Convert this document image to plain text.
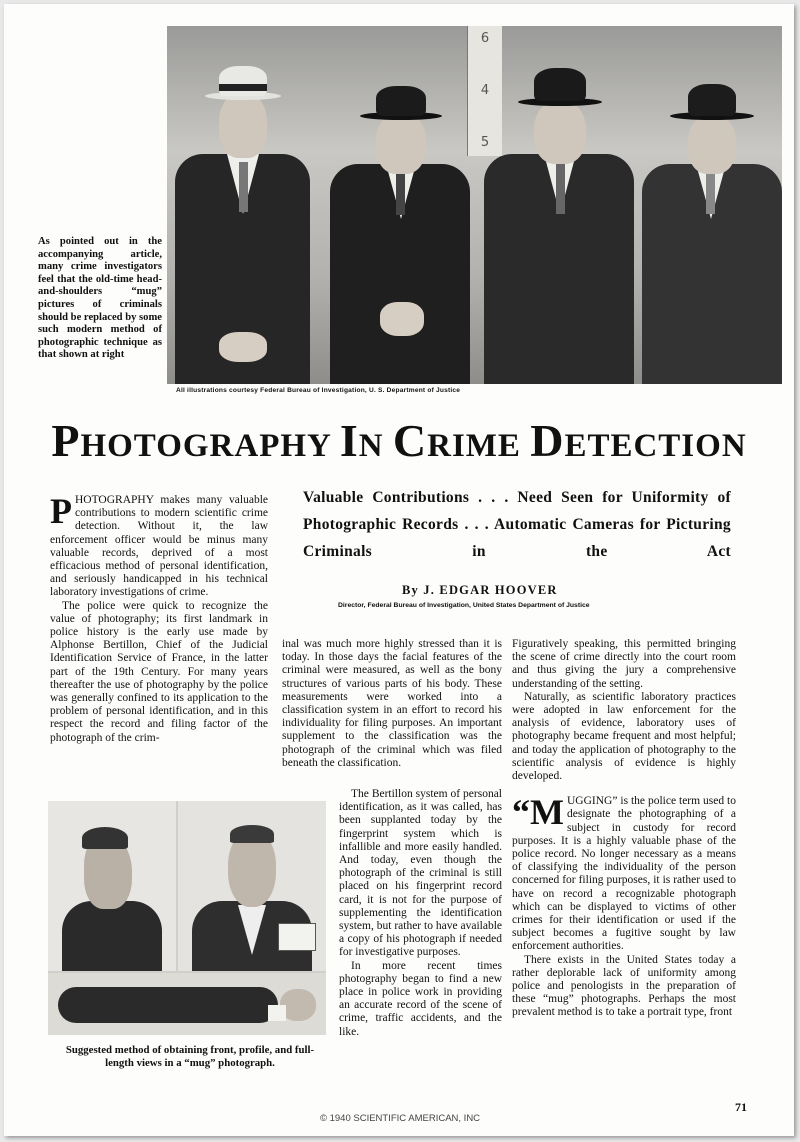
6
4
5
As pointed out in the accompanying article, many crime investigators feel that the old-time head-and-shoulders “mug” pictures of criminals should be replaced by some such modern method of photographic technique as that shown at right
All illustrations courtesy Federal Bureau of Investigation, U. S. Department of Justice
PHOTOGRAPHY IN CRIME DETECTION
Valuable Contributions . . . Need Seen for Uniformity of Photographic Records . . . Automatic Cameras for Picturing Criminals in the Act
By J. EDGAR HOOVER
Director, Federal Bureau of Investigation, United States Department of Justice

PHOTOGRAPHY makes many valuable contributions to modern scientific crime detection. Without it, the law enforcement officer would be minus many valuable records, deprived of a most efficacious method of personal identification, and seriously handicapped in his technical laboratory investigations of crime.

The police were quick to recognize the value of photography; its first landmark in police history is the early use made by Alphonse Bertillon, Chief of the Judicial Identification Service of France, in the latter part of the 19th Century. For many years thereafter the use of photography by the police was generally confined to its application to the problem of personal identification, and in this respect the record and filing factor of the photograph of the crim-

inal was much more highly stressed than it is today. In those days the facial features of the criminal were measured, as well as the bony structures of various parts of his body. These measurements were worked into a classification system in an effort to record his individuality for filing purposes. An important supplement to the classification was the photograph of the criminal which was filed beneath the classification.

The Bertillon system of personal identification, as it was called, has been supplanted today by the fingerprint system which is infallible and more easily handled. And today, even though the photograph of the criminal is still placed on his fingerprint record card, it is not for the purpose of supplementing the identification system, but rather to have available a copy of his photograph if needed for investigative purposes.

In more recent times photography began to find a new place in police work in providing an accurate record of the scene of crime, traffic accidents, and the like.

Figuratively speaking, this permitted bringing the scene of crime directly into the court room and thus giving the jury a comprehensive understanding of the setting.

Naturally, as scientific laboratory practices were adopted in law enforcement for the analysis of evidence, laboratory uses of photography became frequent and most helpful; and today the application of photography to the scientific analysis of evidence is highly developed.

“MUGGING” is the police term used to designate the photographing of a subject in custody for record purposes. It is a highly valuable phase of the police record. No longer necessary as a means of classifying the individuality of the person concerned for filing purposes, it is rather used to have on record a recognizable photograph which can be displayed to victims of other crimes for their identification or used if the subject becomes a fugitive sought by law enforcement authorities.

There exists in the United States today a rather deplorable lack of uniformity among police and penologists in the preparation of these “mug” photographs. Perhaps the most prevalent method is to take a portrait type, front

Suggested method of obtaining front, profile, and full-length views in a “mug” photograph.
71
© 1940 SCIENTIFIC AMERICAN, INC
